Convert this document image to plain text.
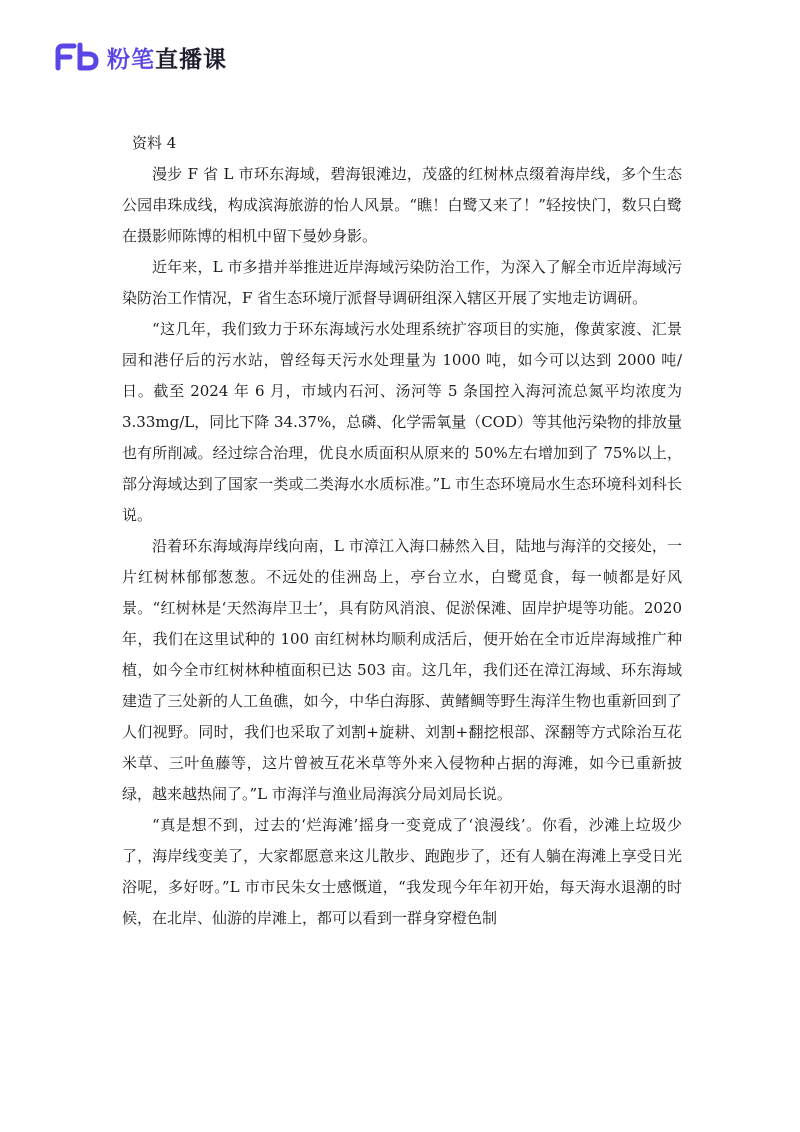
粉笔 直播课

资料 4

漫步 F 省 L 市环东海域，碧海银滩边，茂盛的红树林点缀着海岸线，多个生态公园串珠成线，构成滨海旅游的怡人风景。“瞧！白鹭又来了！”轻按快门，数只白鹭在摄影师陈博的相机中留下曼妙身影。

近年来，L 市多措并举推进近岸海域污染防治工作，为深入了解全市近岸海域污染防治工作情况，F 省生态环境厅派督导调研组深入辖区开展了实地走访调研。

“这几年，我们致力于环东海域污水处理系统扩容项目的实施，像黄家渡、汇景园和港仔后的污水站，曾经每天污水处理量为 1000 吨，如今可以达到 2000 吨/日。截至 2024 年 6 月，市域内石河、汤河等 5 条国控入海河流总氮平均浓度为 3.33mg/L，同比下降 34.37%，总磷、化学需氧量（COD）等其他污染物的排放量也有所削减。经过综合治理，优良水质面积从原来的 50%左右增加到了 75%以上，部分海域达到了国家一类或二类海水水质标准。”L 市生态环境局水生态环境科刘科长说。

沿着环东海域海岸线向南，L 市漳江入海口赫然入目，陆地与海洋的交接处，一片红树林郁郁葱葱。不远处的佳洲岛上，亭台立水，白鹭觅食，每一帧都是好风景。“红树林是‘天然海岸卫士’，具有防风消浪、促淤保滩、固岸护堤等功能。2020 年，我们在这里试种的 100 亩红树林均顺利成活后，便开始在全市近岸海域推广种植，如今全市红树林种植面积已达 503 亩。这几年，我们还在漳江海域、环东海域建造了三处新的人工鱼礁，如今，中华白海豚、黄鳍鲷等野生海洋生物也重新回到了人们视野。同时，我们也采取了刘割+旋耕、刘割+翻挖根部、深翻等方式除治互花米草、三叶鱼藤等，这片曾被互花米草等外来入侵物种占据的海滩，如今已重新披绿，越来越热闹了。”L 市海洋与渔业局海滨分局刘局长说。

“真是想不到，过去的‘烂海滩’摇身一变竟成了‘浪漫线’。你看，沙滩上垃圾少了，海岸线变美了，大家都愿意来这儿散步、跑跑步了，还有人躺在海滩上享受日光浴呢，多好呀。”L 市市民朱女士感慨道，“我发现今年年初开始，每天海水退潮的时候，在北岸、仙游的岸滩上，都可以看到一群身穿橙色制
